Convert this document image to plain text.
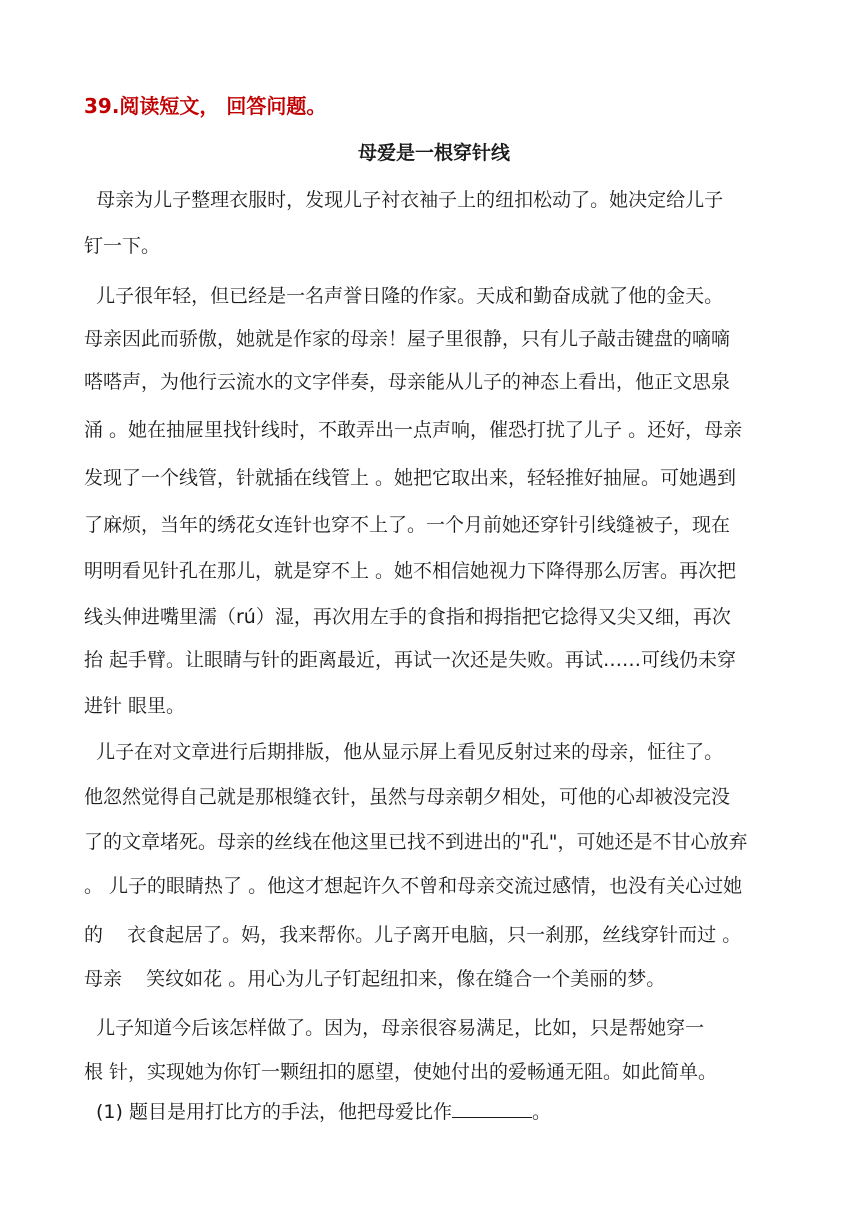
39.阅读短文， 回答问题。
母爱是一根穿针线
母亲为儿子整理衣服时，发现儿子衬衣袖子上的纽扣松动了。她决定给儿子
钉一下。
儿子很年轻，但已经是一名声誉日隆的作家。天成和勤奋成就了他的金天。
母亲因此而骄傲，她就是作家的母亲！屋子里很静，只有儿子敲击键盘的嘀嘀
嗒嗒声，为他行云流水的文字伴奏，母亲能从儿子的神态上看出，他正文思泉
涌 。她在抽屉里找针线时，不敢弄出一点声响，催恐打扰了儿子 。还好，母亲
发现了一个线管，针就插在线管上 。她把它取出来，轻轻推好抽屉。可她遇到
了麻烦，当年的绣花女连针也穿不上了。一个月前她还穿针引线缝被子，现在
明明看见针孔在那儿，就是穿不上 。她不相信她视力下降得那么厉害。再次把
线头伸进嘴里濡（rú）湿，再次用左手的食指和拇指把它捻得又尖又细，再次
抬 起手臂。让眼睛与针的距离最近，再试一次还是失败。再试……可线仍未穿
进针 眼里。
儿子在对文章进行后期排版，他从显示屏上看见反射过来的母亲，怔往了。
他忽然觉得自己就是那根缝衣针，虽然与母亲朝夕相处，可他的心却被没完没
了的文章堵死。母亲的丝线在他这里已找不到进出的"孔"，可她还是不甘心放弃
。 儿子的眼睛热了 。他这才想起许久不曾和母亲交流过感情，也没有关心过她
的    衣食起居了。妈，我来帮你。儿子离开电脑，只一刹那，丝线穿针而过 。
母亲    笑纹如花 。用心为儿子钉起纽扣来，像在缝合一个美丽的梦。
儿子知道今后该怎样做了。因为，母亲很容易满足，比如，只是帮她穿一
根 针，实现她为你钉一颗纽扣的愿望，使她付出的爱畅通无阻。如此简单。
(1) 题目是用打比方的手法，他把母爱比作	。
